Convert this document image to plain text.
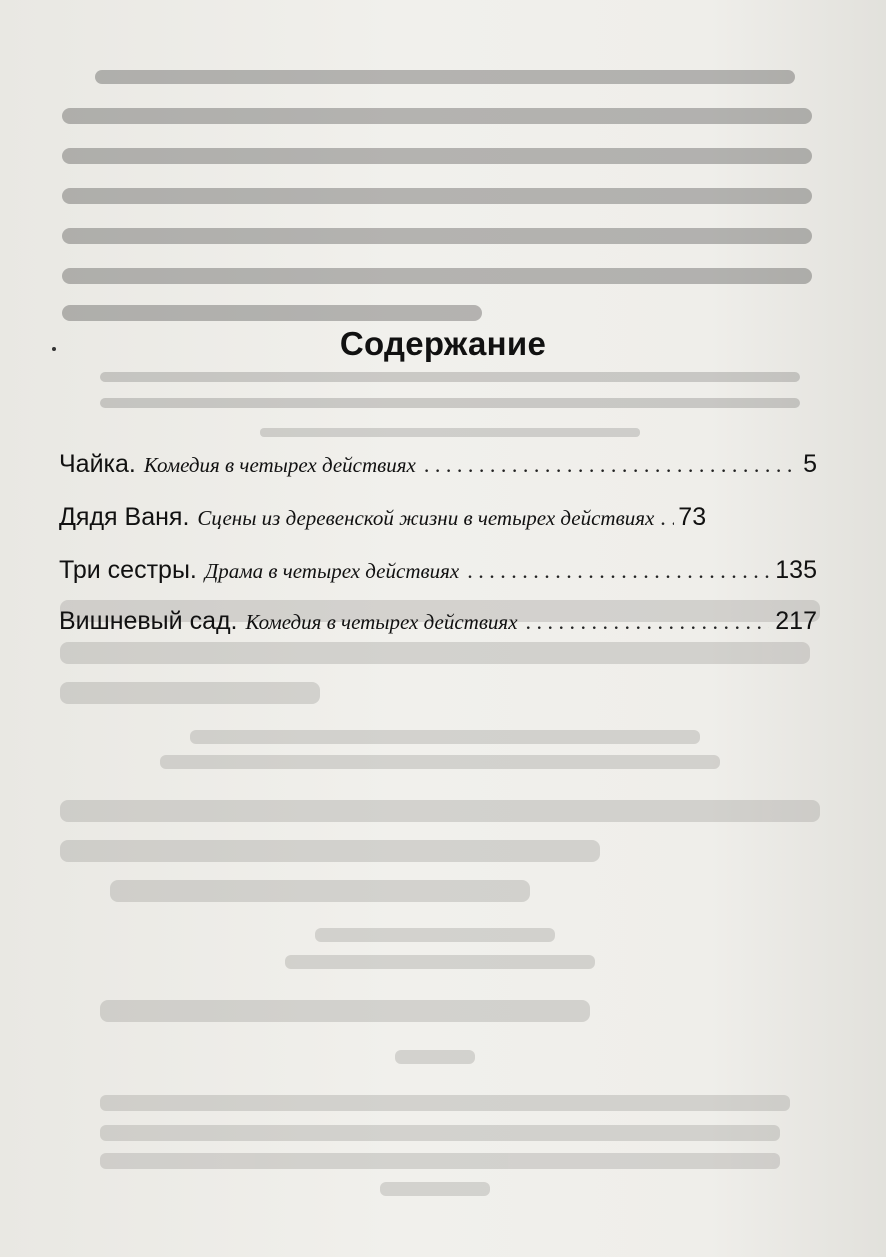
Содержание
Чайка. Комедия в четырех действиях . . .	5
Дядя Ваня. Сцены из деревенской жизни в четырех действиях . . . 73
Три сестры. Драма в четырех действиях . . .	135
Вишневый сад. Комедия в четырех действиях . . .	217
